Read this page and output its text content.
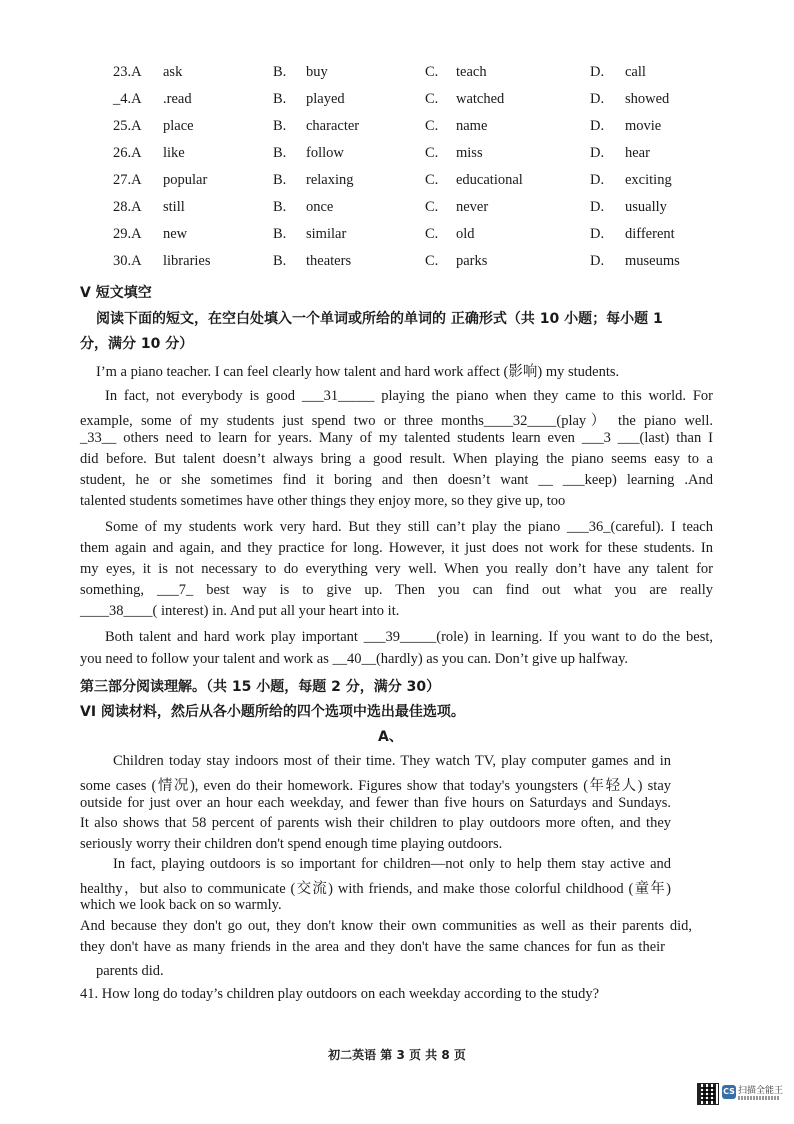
23.A ask	B. buy	C. teach	D. call
_4.A .read	B. played	C. watched	D. showed
25.A place	B. character	C. name	D. movie
26.A like	B. follow	C. miss	D. hear
27.A popular	B. relaxing	C. educational	D. exciting
28.A still	B. once	C. never	D. usually
29.A new	B. similar	C. old	D. different
30.A libraries	B. theaters	C. parks	D. museums
V 短文填空
阅读下面的短文，在空白处填入一个单词或所给的单词的 正确形式（共 10 小题；每小题 1
分，满分 10 分）
I’m a piano teacher. I can feel clearly how talent and hard work affect (影响) my students.
In fact, not everybody is good ___31_____ playing the piano when they came to this world. For
example, some of my students just spend two or three months____32____(play） the piano well.
_33__ others need to learn for years. Many of my talented students learn even ___3 ___(last) than I
did before. But talent doesn’t always bring a good result. When playing the piano seems easy to a
student, he or she sometimes find it boring and then doesn’t want __ ___keep) learning .And
talented students sometimes have other things they enjoy more, so they give up, too
Some of my students work very hard. But they still can’t play the piano ___36_(careful). I teach
them again and again, and they practice for long. However, it just does not work for these students. In
my eyes, it is not necessary to do everything very well. When you really don’t have any talent for
something, ___7_ best way is to give up. Then you can find out what you are really
____38____( interest) in. And put all your heart into it.
Both talent and hard work play important ___39_____(role) in learning. If you want to do the best,
you need to follow your talent and work as __40__(hardly) as you can. Don’t give up halfway.
第三部分阅读理解。（共 15 小题，每题 2 分，满分 30）
VI 阅读材料，然后从各小题所给的四个选项中选出最佳选项。
A、
Children today stay indoors most of their time. They watch TV, play computer games and in
some cases (情况), even do their homework. Figures show that today's youngsters (年轻人) stay
outside for just over an hour each weekday, and fewer than five hours on Saturdays and Sundays.
It also shows that 58 percent of parents wish their children to play outdoors more often, and they
seriously worry their children don't spend enough time playing outdoors.
In fact, playing outdoors is so important for children—not only to help them stay active and
healthy，but also to communicate (交流) with friends, and make those colorful childhood (童年)
which we look back on so warmly.
And because they don't go out, they don't know their own communities as well as their parents did,
they don't have as many friends in the area and they don't have the same chances for fun as their
parents did.
41. How long do today’s children play outdoors on each weekday according to the study?
初二英语 第 3 页 共 8 页
CS 扫描全能王
